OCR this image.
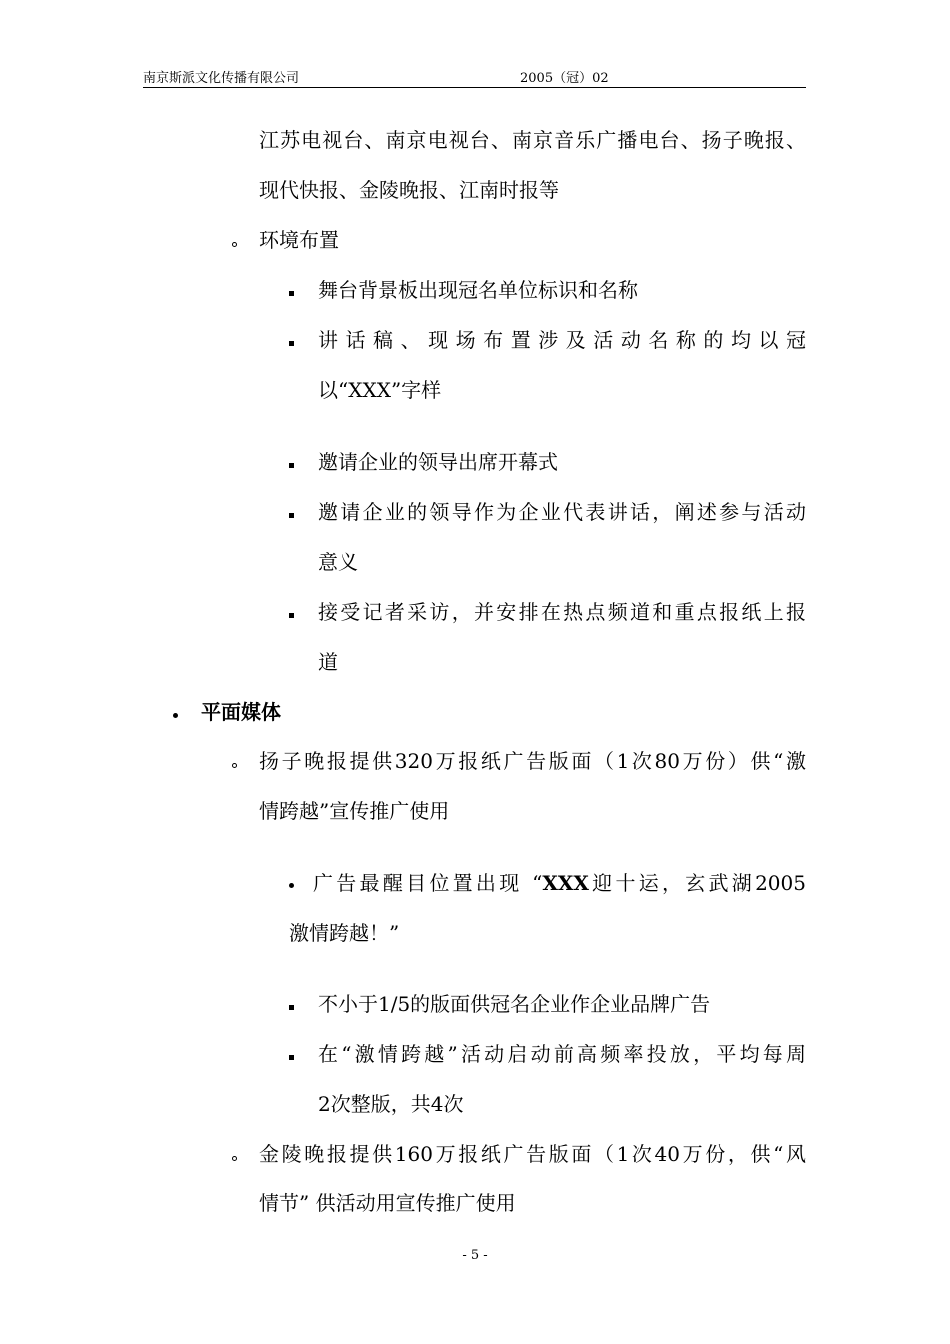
南京斯派文化传播有限公司	2005（冠）02
江苏电视台、南京电视台、南京音乐广播电台、扬子晚报、
现代快报、金陵晚报、江南时报等
环境布置
舞台背景板出现冠名单位标识和名称
讲话稿、现场布置涉及活动名称的均以冠
以“XXX”字样
邀请企业的领导出席开幕式
邀请企业的领导作为企业代表讲话，阐述参与活动
意义
接受记者采访，并安排在热点频道和重点报纸上报
道
平面媒体
扬子晚报提供320万报纸广告版面（1次80万份）供“激
情跨越”宣传推广使用
广告最醒目位置出现 “XXX迎十运，玄武湖2005
激情跨越！”
不小于1/5的版面供冠名企业作企业品牌广告
在“激情跨越”活动启动前高频率投放，平均每周
2次整版，共4次
金陵晚报提供160万报纸广告版面（1次40万份，供“风
情节” 供活动用宣传推广使用
- 5 -
